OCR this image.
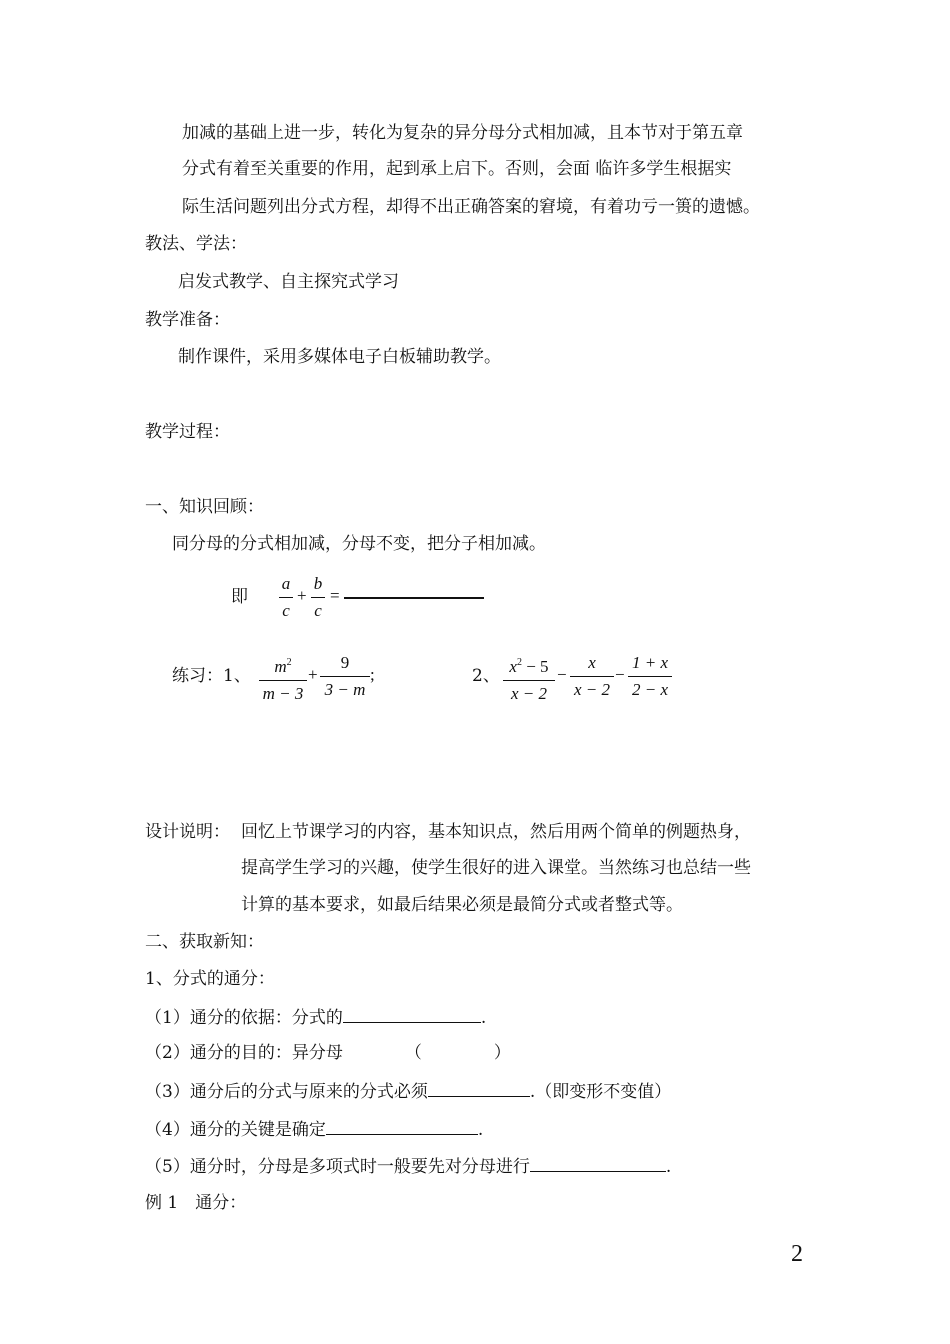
加减的基础上进一步，转化为复杂的异分母分式相加减，且本节对于第五章
分式有着至关重要的作用，起到承上启下。否则，会面 临许多学生根据实
际生活问题列出分式方程，却得不出正确答案的窘境，有着功亏一篑的遗憾。
教法、学法：
启发式教学、自主探究式学习
教学准备：
制作课件，采用多媒体电子白板辅助教学。
教学过程：
一、知识回顾：
同分母的分式相加减，分母不变，把分子相加减。
即
a
c
+
b
c
=
练习：1、	$m^2$
m − 3
+
9
3 − m
;	2、 $x^2 - 5$
x − 2
−
x
x − 2
−
1 + x
2 − x
设计说明： 回忆上节课学习的内容，基本知识点，然后用两个简单的例题热身，
提高学生学习的兴趣，使学生很好的进入课堂。当然练习也总结一些
计算的基本要求，如最后结果必须是最简分式或者整式等。
二、获取新知：
1、分式的通分：
（1）通分的依据：分式的	.
（2）通分的目的：异分母	（	）
（3）通分后的分式与原来的分式必须	.（即变形不变值）
（4）通分的关键是确定	.
（5）通分时，分母是多项式时一般要先对分母进行	.
例 1　通分：
2
